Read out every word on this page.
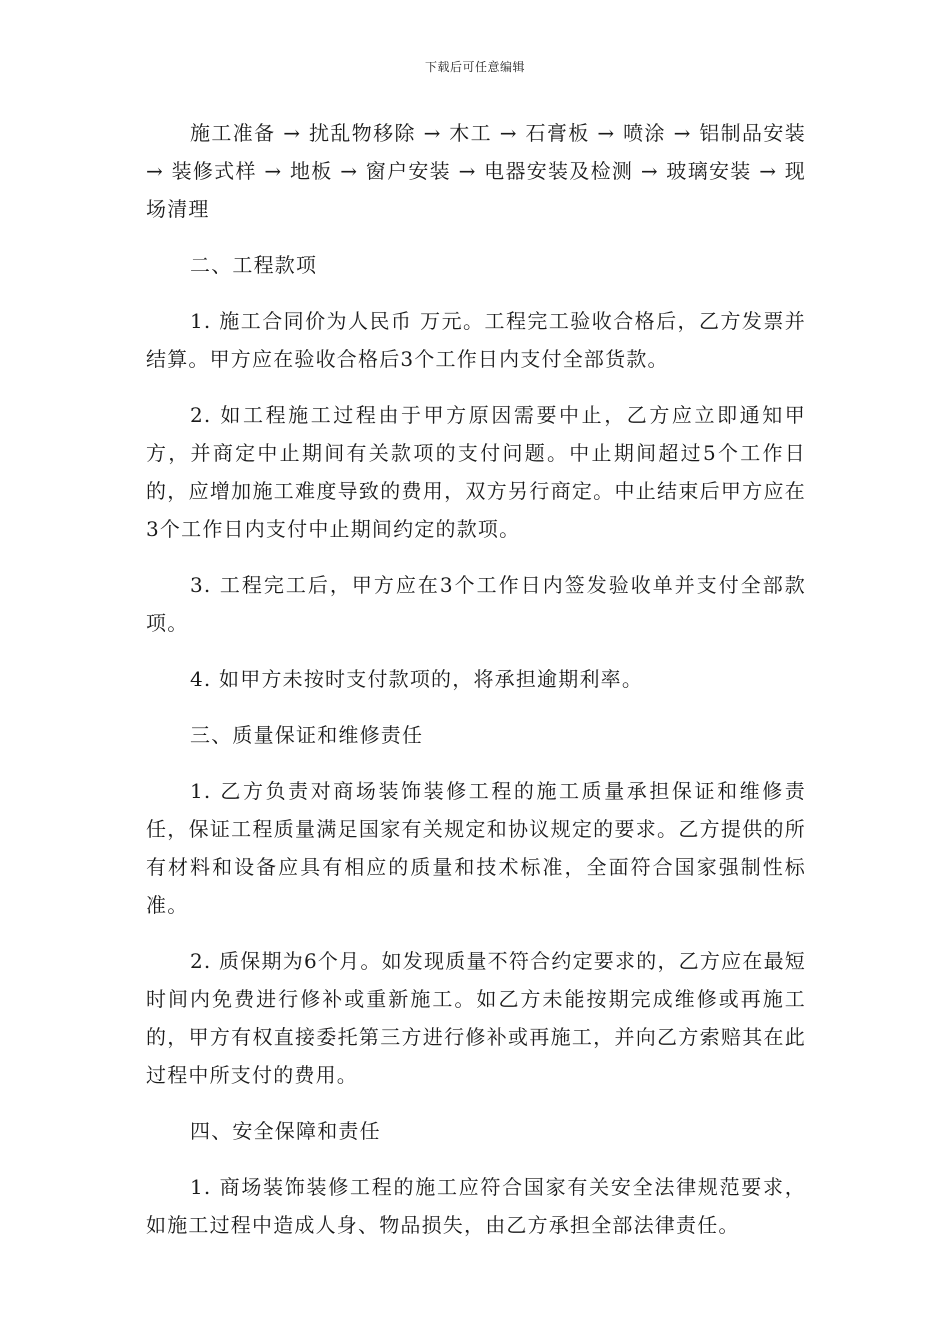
下载后可任意编辑

施工准备 → 扰乱物移除 → 木工 → 石膏板 → 喷涂 → 铝制品安装 → 装修式样 → 地板 → 窗户安装 → 电器安装及检测 → 玻璃安装 → 现场清理

二、工程款项

1. 施工合同价为人民币 万元。工程完工验收合格后，乙方发票并结算。甲方应在验收合格后3个工作日内支付全部货款。

2. 如工程施工过程由于甲方原因需要中止，乙方应立即通知甲方，并商定中止期间有关款项的支付问题。中止期间超过5个工作日的，应增加施工难度导致的费用，双方另行商定。中止结束后甲方应在3个工作日内支付中止期间约定的款项。

3. 工程完工后，甲方应在3个工作日内签发验收单并支付全部款项。

4. 如甲方未按时支付款项的，将承担逾期利率。

三、质量保证和维修责任

1. 乙方负责对商场装饰装修工程的施工质量承担保证和维修责任，保证工程质量满足国家有关规定和协议规定的要求。乙方提供的所有材料和设备应具有相应的质量和技术标准，全面符合国家强制性标准。

2. 质保期为6个月。如发现质量不符合约定要求的，乙方应在最短时间内免费进行修补或重新施工。如乙方未能按期完成维修或再施工的，甲方有权直接委托第三方进行修补或再施工，并向乙方索赔其在此过程中所支付的费用。

四、安全保障和责任

1. 商场装饰装修工程的施工应符合国家有关安全法律规范要求，如施工过程中造成人身、物品损失，由乙方承担全部法律责任。
